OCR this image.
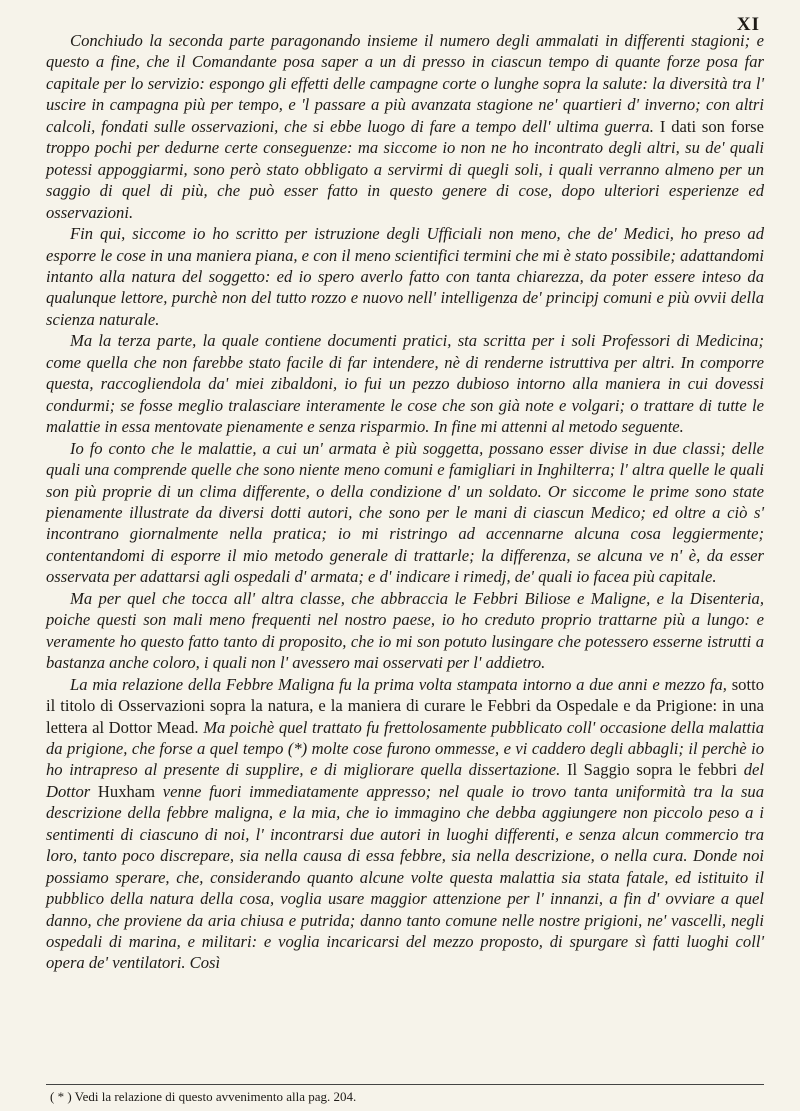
XI

Conchiudo la seconda parte paragonando insieme il numero degli ammalati in differenti stagioni; e questo a fine, che il Comandante posa saper a un di presso in ciascun tempo di quante forze posa far capitale per lo servizio: espongo gli effetti delle campagne corte o lunghe sopra la salute: la diversità tra l' uscire in campagna più per tempo, e 'l passare a più avanzata stagione ne' quartieri d' inverno; con altri calcoli, fondati sulle osservazioni, che si ebbe luogo di fare a tempo dell' ultima guerra. I dati son forse troppo pochi per dedurne certe conseguenze: ma siccome io non ne ho incontrato degli altri, su de' quali potessi appoggiarmi, sono però stato obbligato a servirmi di quegli soli, i quali verranno almeno per un saggio di quel di più, che può esser fatto in questo genere di cose, dopo ulteriori esperienze ed osservazioni.

Fin qui, siccome io ho scritto per istruzione degli Ufficiali non meno, che de' Medici, ho preso ad esporre le cose in una maniera piana, e con il meno scientifici termini che mi è stato possibile; adattandomi intanto alla natura del soggetto: ed io spero averlo fatto con tanta chiarezza, da poter essere inteso da qualunque lettore, purchè non del tutto rozzo e nuovo nell' intelligenza de' principj comuni e più ovvii della scienza naturale.

Ma la terza parte, la quale contiene documenti pratici, sta scritta per i soli Professori di Medicina; come quella che non farebbe stato facile di far intendere, nè di renderne istruttiva per altri. In comporre questa, raccogliendola da' miei zibaldoni, io fui un pezzo dubioso intorno alla maniera in cui dovessi condurmi; se fosse meglio tralasciare interamente le cose che son già note e volgari; o trattare di tutte le malattie in essa mentovate pienamente e senza risparmio. In fine mi attenni al metodo seguente.

Io fo conto che le malattie, a cui un' armata è più soggetta, possano esser divise in due classi; delle quali una comprende quelle che sono niente meno comuni e famigliari in Inghilterra; l' altra quelle le quali son più proprie di un clima differente, o della condizione d' un soldato. Or siccome le prime sono state pienamente illustrate da diversi dotti autori, che sono per le mani di ciascun Medico; ed oltre a ciò s' incontrano giornalmente nella pratica; io mi ristringo ad accennarne alcuna cosa leggiermente; contentandomi di esporre il mio metodo generale di trattarle; la differenza, se alcuna ve n' è, da esser osservata per adattarsi agli ospedali d' armata; e d' indicare i rimedj, de' quali io facea più capitale.

Ma per quel che tocca all' altra classe, che abbraccia le Febbri Biliose e Maligne, e la Disenteria, poiche questi son mali meno frequenti nel nostro paese, io ho creduto proprio trattarne più a lungo: e veramente ho questo fatto tanto di proposito, che io mi son potuto lusingare che potessero esserne istrutti a bastanza anche coloro, i quali non l' avessero mai osservati per l' addietro.

La mia relazione della Febbre Maligna fu la prima volta stampata intorno a due anni e mezzo fa, sotto il titolo di Osservazioni sopra la natura, e la maniera di curare le Febbri da Ospedale e da Prigione: in una lettera al Dottor Mead. Ma poichè quel trattato fu frettolosamente pubblicato coll' occasione della malattia da prigione, che forse a quel tempo (*) molte cose furono ommesse, e vi caddero degli abbagli; il perchè io ho intrapreso al presente di supplire, e di migliorare quella dissertazione. Il Saggio sopra le febbri del Dottor Huxham venne fuori immediatamente appresso; nel quale io trovo tanta uniformità tra la sua descrizione della febbre maligna, e la mia, che io immagino che debba aggiungere non piccolo peso a i sentimenti di ciascuno di noi, l' incontrarsi due autori in luoghi differenti, e senza alcun commercio tra loro, tanto poco discrepare, sia nella causa di essa febbre, sia nella descrizione, o nella cura. Donde noi possiamo sperare, che, considerando quanto alcune volte questa malattia sia stata fatale, ed istituito il pubblico della natura della cosa, voglia usare maggior attenzione per l' innanzi, a fin d' ovviare a quel danno, che proviene da aria chiusa e putrida; danno tanto comune nelle nostre prigioni, ne' vascelli, negli ospedali di marina, e militari: e voglia incaricarsi del mezzo proposto, di spurgare sì fatti luoghi coll' opera de' ventilatori. Così

( * ) Vedi la relazione di questo avvenimento alla pag. 204.
